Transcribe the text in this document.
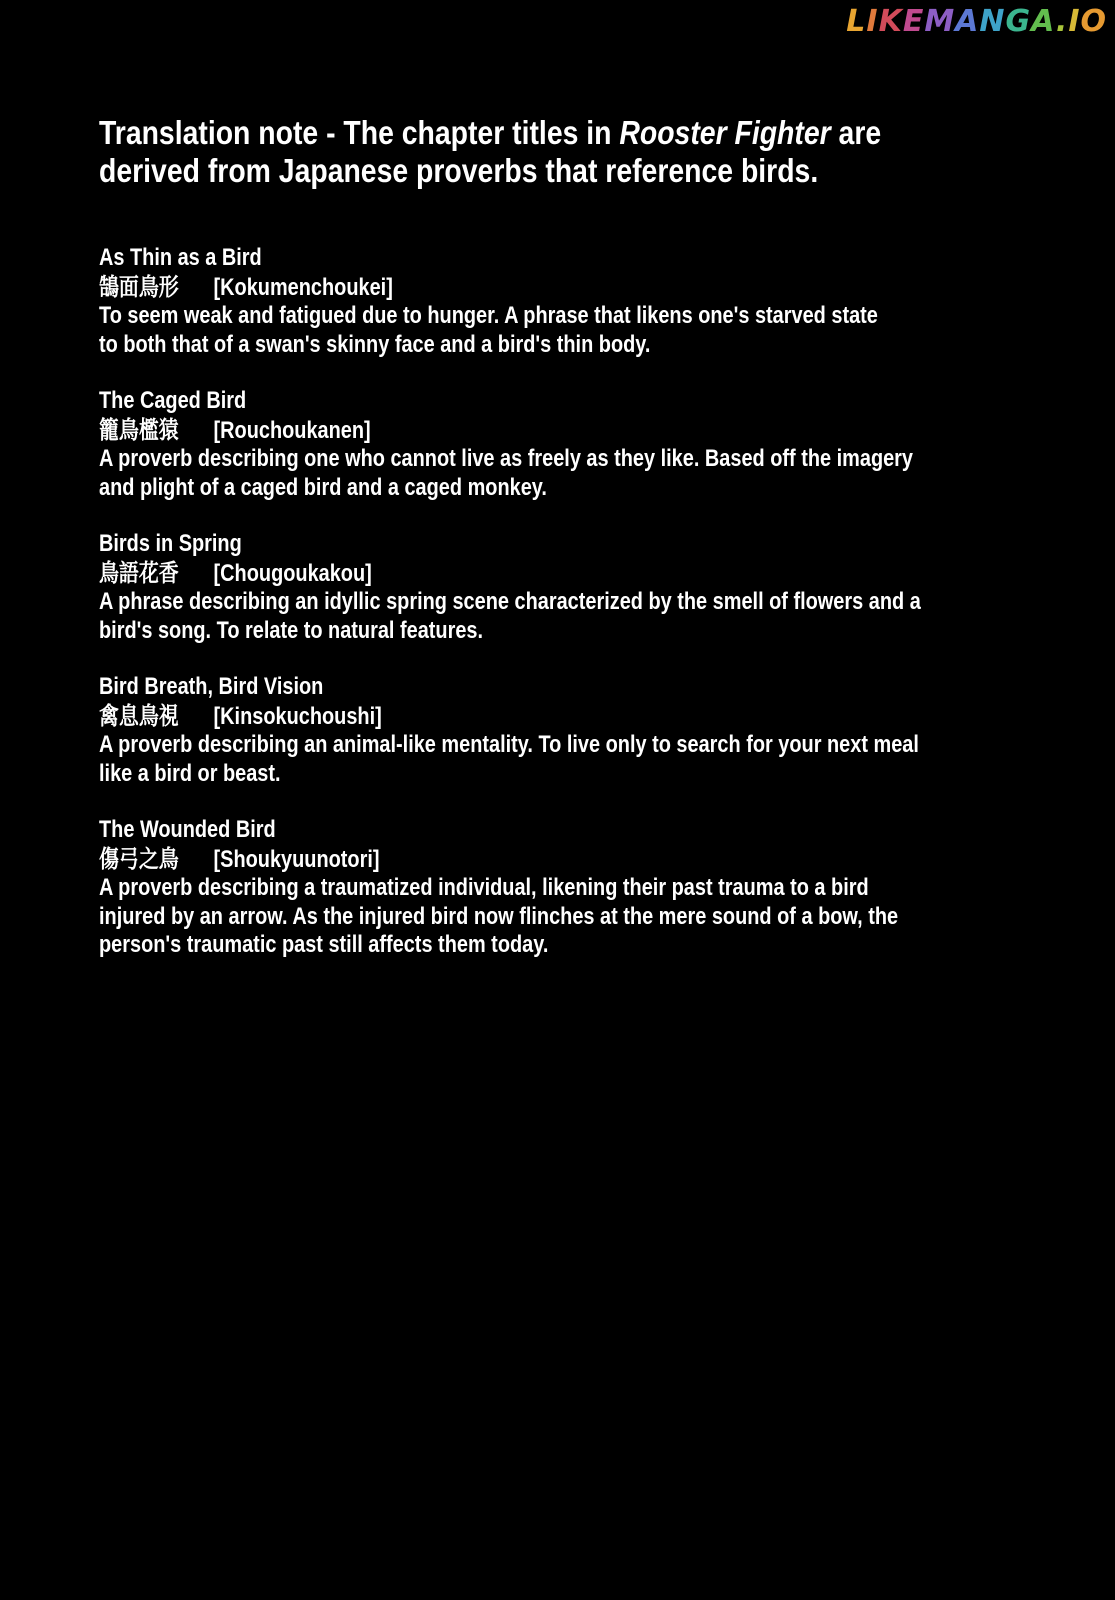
LIKEMANGA.IO
Translation note - The chapter titles in Rooster Fighter are
derived from Japanese proverbs that reference birds.
As Thin as a Bird
鵠面鳥形 [Kokumenchoukei]
To seem weak and fatigued due to hunger. A phrase that likens one's starved state
to both that of a swan's skinny face and a bird's thin body.
The Caged Bird
籠鳥檻猿 [Rouchoukanen]
A proverb describing one who cannot live as freely as they like. Based off the imagery
and plight of a caged bird and a caged monkey.
Birds in Spring
鳥語花香 [Chougoukakou]
A phrase describing an idyllic spring scene characterized by the smell of flowers and a
bird's song. To relate to natural features.
Bird Breath, Bird Vision
禽息鳥視 [Kinsokuchoushi]
A proverb describing an animal-like mentality. To live only to search for your next meal
like a bird or beast.
The Wounded Bird
傷弓之鳥 [Shoukyuunotori]
A proverb describing a traumatized individual, likening their past trauma to a bird
injured by an arrow. As the injured bird now flinches at the mere sound of a bow, the
person's traumatic past still affects them today.
